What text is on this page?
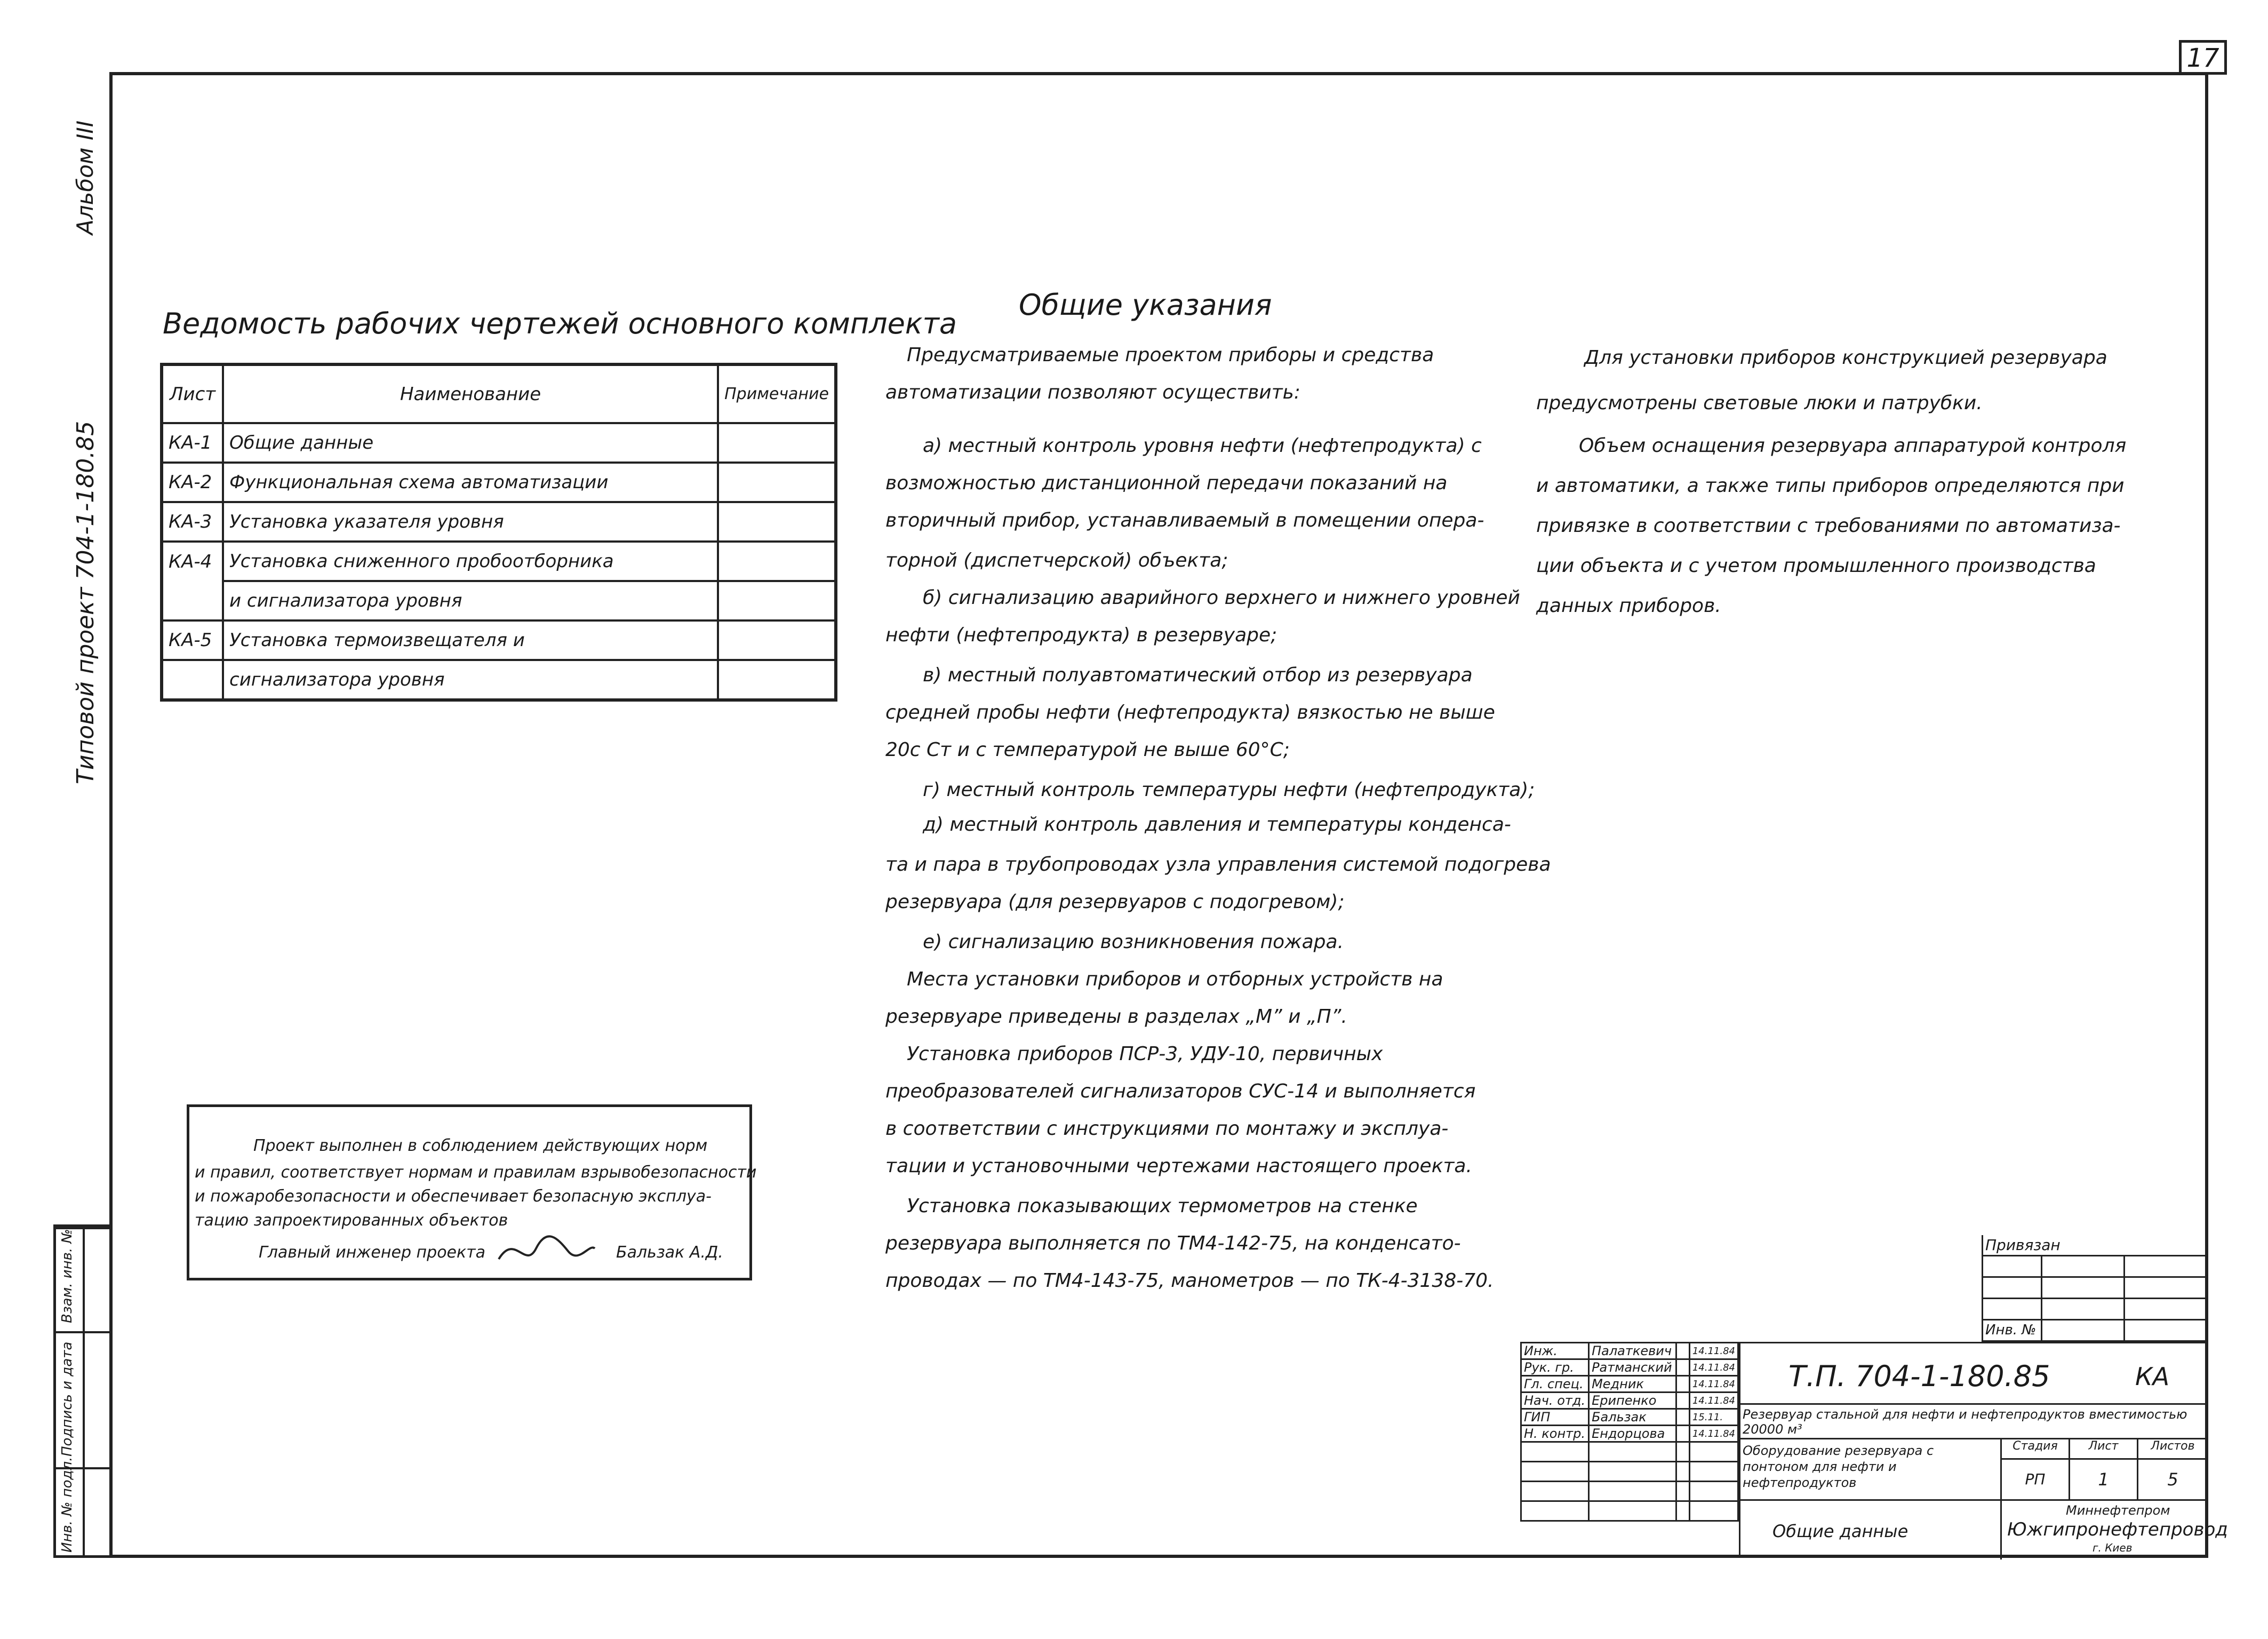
17
Альбом III
Типовой проект 704-1-180.85
Взам. инв. №
Подпись и дата
Инв. № подл.
Ведомость рабочих чертежей основного комплекта
Лист	Наименование	Примечание
КА-1	Общие данные	
КА-2	Функциональная схема автоматизации	
КА-3	Установка указателя уровня	
КА-4	Установка сниженного пробоотборника	
	и сигнализатора уровня	
КА-5	Установка термоизвещателя и	
	сигнализатора уровня	
Общие указания
Предусматриваемые проектом приборы и средства
автоматизации позволяют осуществить:
а) местный контроль уровня нефти (нефтепродукта) с
возможностью дистанционной передачи показаний на
вторичный прибор, устанавливаемый в помещении опера-
торной (диспетчерской) объекта;
б) сигнализацию аварийного верхнего и нижнего уровней
нефти (нефтепродукта) в резервуаре;
в) местный полуавтоматический отбор из резервуара
средней пробы нефти (нефтепродукта) вязкостью не выше
20с Ст и с температурой не выше 60°С;
г) местный контроль температуры нефти (нефтепродукта);
д) местный контроль давления и температуры конденса-
та и пара в трубопроводах узла управления системой подогрева
резервуара (для резервуаров с подогревом);
е) сигнализацию возникновения пожара.
Места установки приборов и отборных устройств на
резервуаре приведены в разделах „М” и „П”.
Установка приборов ПСР-3, УДУ-10, первичных
преобразователей сигнализаторов СУС-14 и выполняется
в соответствии с инструкциями по монтажу и эксплуа-
тации и установочными чертежами настоящего проекта.
Установка показывающих термометров на стенке
резервуара выполняется по ТМ4-142-75, на конденсато-
проводах — по ТМ4-143-75, манометров — по ТК-4-3138-70.
Для установки приборов конструкцией резервуара
предусмотрены световые люки и патрубки.
Объем оснащения резервуара аппаратурой контроля
и автоматики, а также типы приборов определяются при
привязке в соответствии с требованиями по автоматиза-
ции объекта и с учетом промышленного производства
данных приборов.
Проект выполнен в соблюдением действующих норм
и правил, соответствует нормам и правилам взрывобезопасности
и пожаробезопасности и обеспечивает безопасную эксплуа-
тацию запроектированных объектов
Главный инженер проекта	Бальзак А.Д.	Привязан		

Инв. №		
Инж.	Палаткевич		14.11.84
Рук. гр.	Ратманский		14.11.84
Гл. спец.	Медник		14.11.84
Нач. отд.	Ерипенко		14.11.84
ГИП	Бальзак		15.11.
Н. контр.	Ендорцова		14.11.84

Т.П. 704-1-180.85	КА
Резервуар стальной для нефти и нефтепродуктов вместимостью 20000 м³
Оборудование резервуара с понтоном для нефти и нефтепродуктов
Общие данные
Стадия	Лист	Листов
РП	1	5
Миннефтепром
Южгипронефтепровод
г. Киев
